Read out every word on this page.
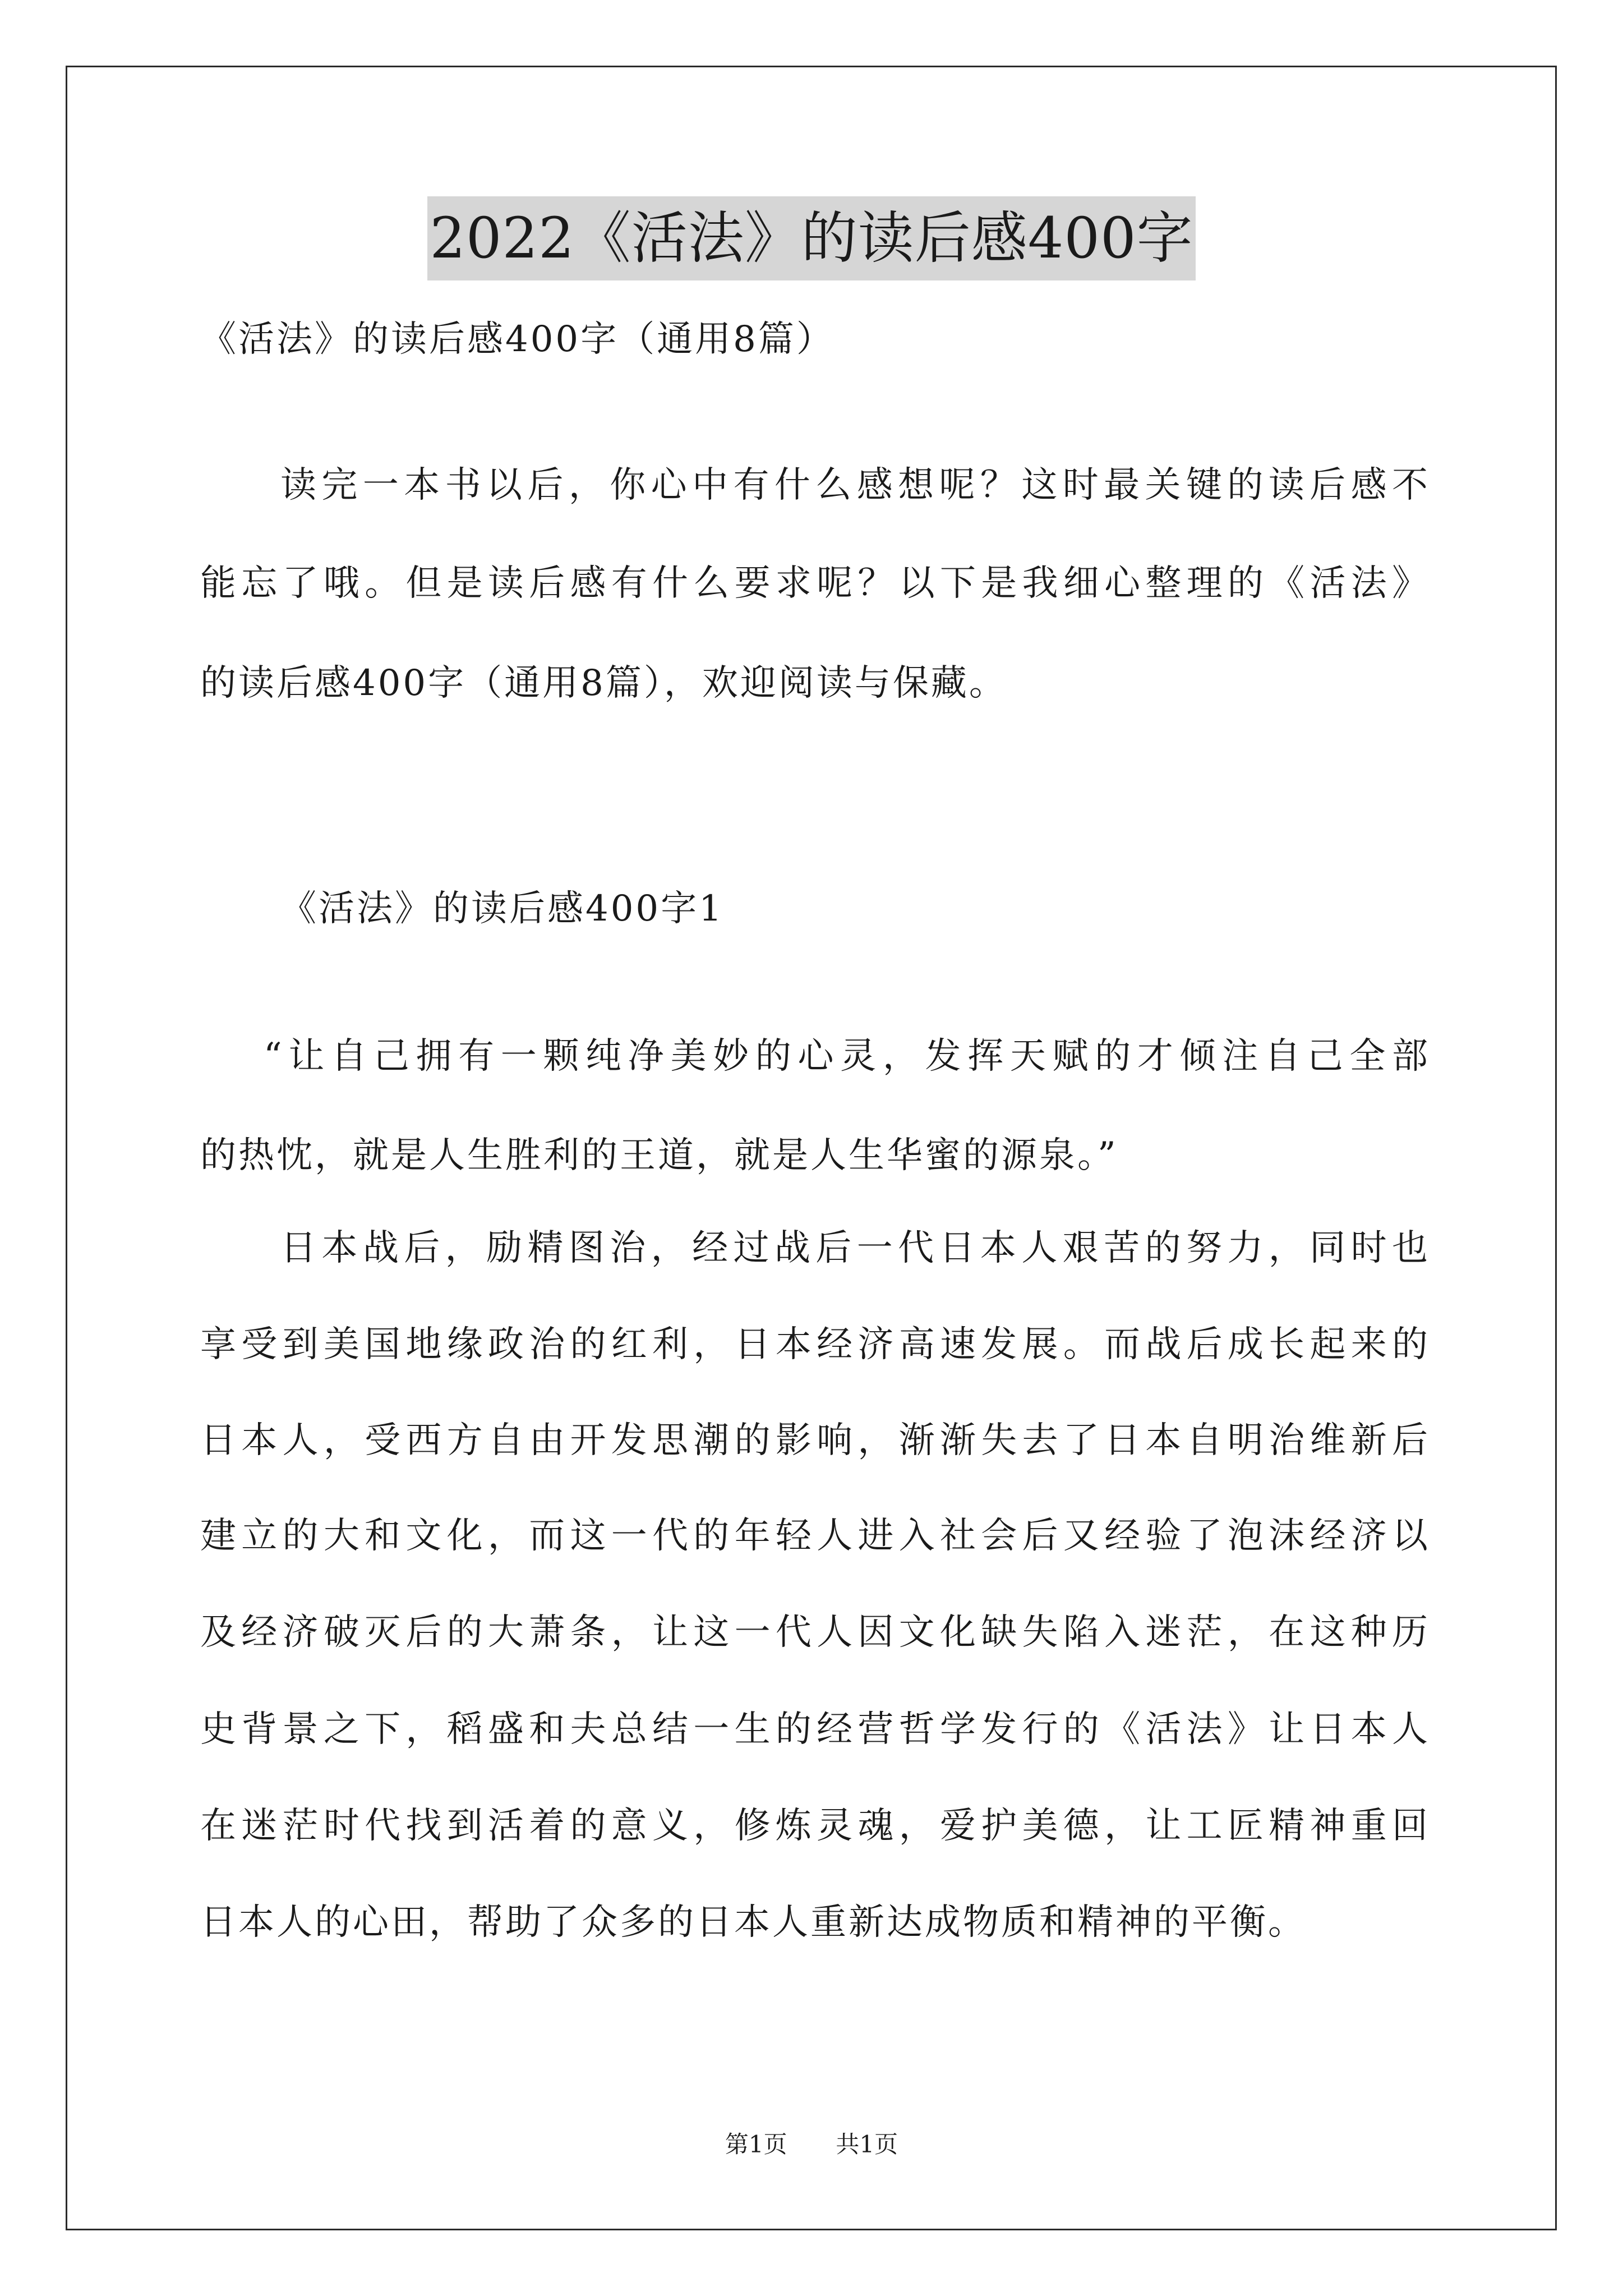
2022《活法》的读后感400字
《活法》的读后感400字（通用8篇）
读完一本书以后，你心中有什么感想呢？这时最关键的读后感不
能忘了哦。但是读后感有什么要求呢？以下是我细心整理的《活法》
的读后感400字（通用8篇），欢迎阅读与保藏。
《活法》的读后感400字1
“让自己拥有一颗纯净美妙的心灵，发挥天赋的才倾注自己全部
的热忱，就是人生胜利的王道，就是人生华蜜的源泉。”
日本战后，励精图治，经过战后一代日本人艰苦的努力，同时也
享受到美国地缘政治的红利，日本经济高速发展。而战后成长起来的
日本人，受西方自由开发思潮的影响，渐渐失去了日本自明治维新后
建立的大和文化，而这一代的年轻人进入社会后又经验了泡沫经济以
及经济破灭后的大萧条，让这一代人因文化缺失陷入迷茫，在这种历
史背景之下，稻盛和夫总结一生的经营哲学发行的《活法》让日本人
在迷茫时代找到活着的意义，修炼灵魂，爱护美德，让工匠精神重回
日本人的心田，帮助了众多的日本人重新达成物质和精神的平衡。
第1页 共1页
